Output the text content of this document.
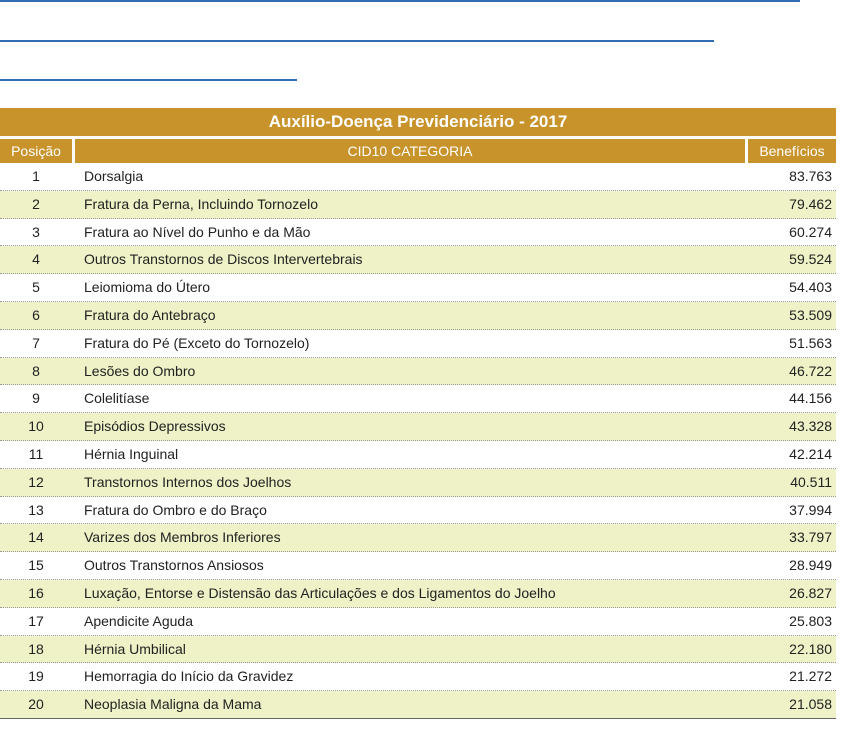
Auxílio-Doença Previdenciário - 2017
Posição	CID10 CATEGORIA	Benefícios
1	Dorsalgia	83.763
2	Fratura da Perna, Incluindo Tornozelo	79.462
3	Fratura ao Nível do Punho e da Mão	60.274
4	Outros Transtornos de Discos Intervertebrais	59.524
5	Leiomioma do Útero	54.403
6	Fratura do Antebraço	53.509
7	Fratura do Pé (Exceto do Tornozelo)	51.563
8	Lesões do Ombro	46.722
9	Colelitíase	44.156
10	Episódios Depressivos	43.328
11	Hérnia Inguinal	42.214
12	Transtornos Internos dos Joelhos	40.511
13	Fratura do Ombro e do Braço	37.994
14	Varizes dos Membros Inferiores	33.797
15	Outros Transtornos Ansiosos	28.949
16	Luxação, Entorse e Distensão das Articulações e dos Ligamentos do Joelho	26.827
17	Apendicite Aguda	25.803
18	Hérnia Umbilical	22.180
19	Hemorragia do Início da Gravidez	21.272
20	Neoplasia Maligna da Mama	21.058
